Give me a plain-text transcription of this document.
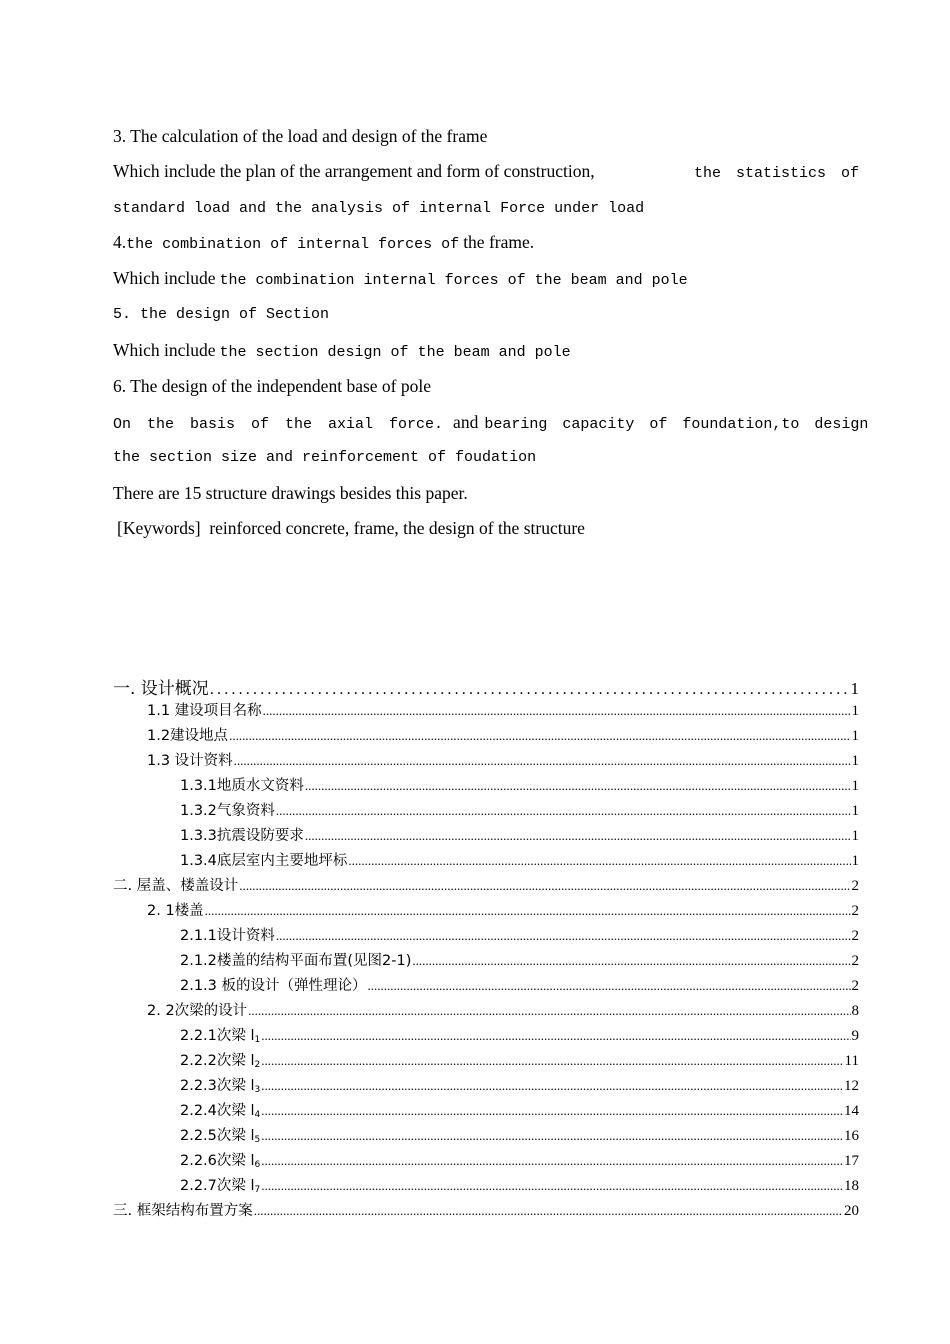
3. The calculation of the load and design of the frame
Which include the plan of the arrangement and form of construction,	the statistics of
standard load and the analysis of internal Force under load
4. the combination of internal forces of the frame.
Which include the combination internal forces of the beam and pole
5. the design of Section
Which include the section design of the beam and pole
6. The design of the independent base of pole
On the basis of the axial force. and bearing capacity of foundation,to design
the section size and reinforcement of foudation
There are 15 structure drawings besides this paper.
[Keywords]  reinforced concrete, frame, the design of the structure
一. 设计概况 .....	1
1.1 建设项目名称 .....	1
1.2建设地点 .....	1
1.3 设计资料 .....	1
1.3.1地质水文资料 .....	1
1.3.2气象资料 .....	1
1.3.3抗震设防要求 .....	1
1.3.4底层室内主要地坪标 .....	1
二. 屋盖、楼盖设计 .....	2
2. 1楼盖 .....	2
2.1.1设计资料 .....	2
2.1.2楼盖的结构平面布置(见图2-1) .....	2
2.1.3 板的设计（弹性理论） .....	2
2. 2次梁的设计 .....	8
2.2.1次梁 $l_1$ .....	9
2.2.2次梁 $l_2$ .....	11
2.2.3次梁 $l_3$ .....	12
2.2.4次梁 $l_4$ .....	14
2.2.5次梁 $l_5$ .....	16
2.2.6次梁 $l_6$ .....	17
2.2.7次梁 $l_7$ .....	18
三. 框架结构布置方案 .....	20
